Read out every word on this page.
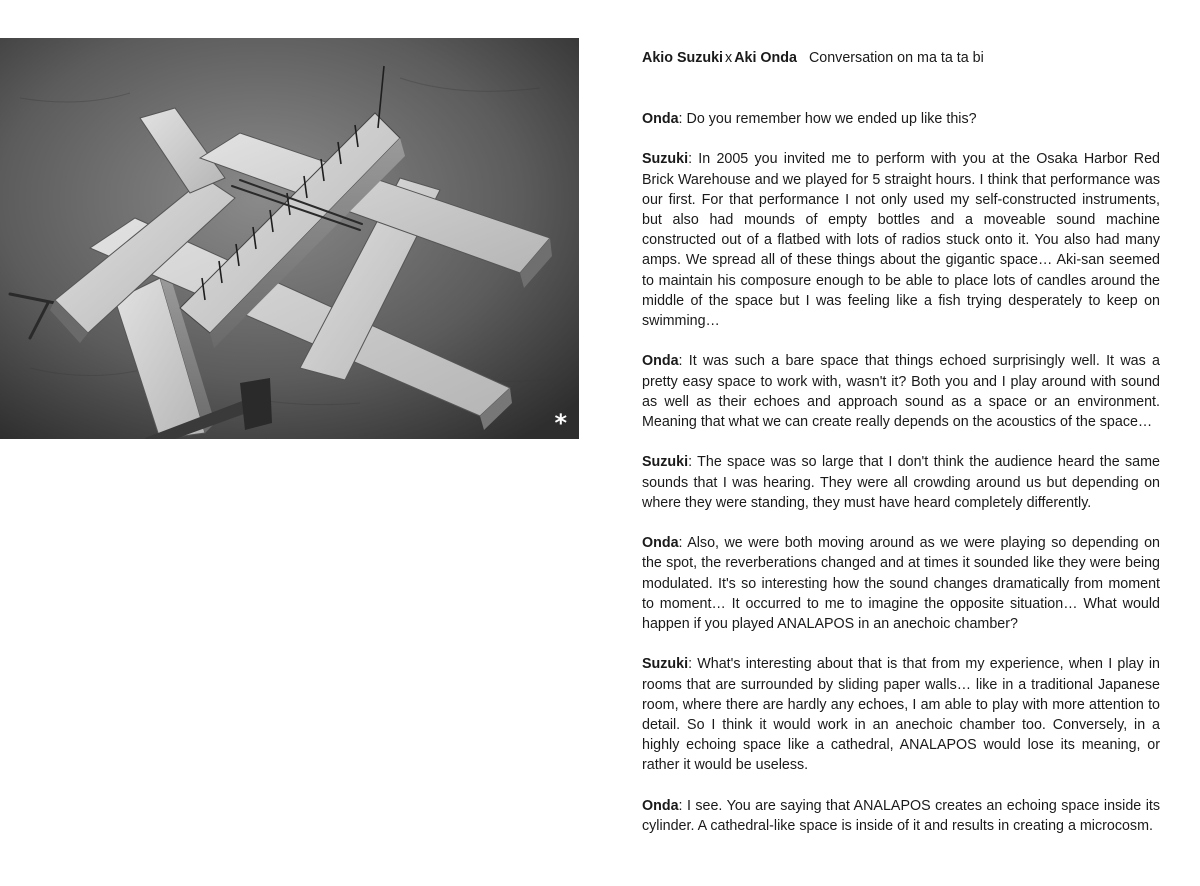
*
Akio Suzuki x Aki Onda Conversation on ma ta ta bi

Onda: Do you remember how we ended up like this?

Suzuki: In 2005 you invited me to perform with you at the Osaka Harbor Red Brick Warehouse and we played for 5 straight hours. I think that performance was our first. For that performance I not only used my self-constructed instruments, but also had mounds of empty bottles and a moveable sound machine constructed out of a flatbed with lots of radios stuck onto it. You also had many amps. We spread all of these things about the gigantic space… Aki-san seemed to maintain his composure enough to be able to place lots of candles around the middle of the space but I was feeling like a fish trying desperately to keep on swimming…

Onda: It was such a bare space that things echoed surprisingly well. It was a pretty easy space to work with, wasn't it? Both you and I play around with sound as well as their echoes and approach sound as a space or an environment. Meaning that what we can create really depends on the acoustics of the space…

Suzuki: The space was so large that I don't think the audience heard the same sounds that I was hearing. They were all crowding around us but depending on where they were standing, they must have heard completely differently.

Onda: Also, we were both moving around as we were playing so depending on the spot, the reverberations changed and at times it sounded like they were being modulated. It's so interesting how the sound changes dramatically from moment to moment… It occurred to me to imagine the opposite situation… What would happen if you played ANALAPOS in an anechoic chamber?

Suzuki: What's interesting about that is that from my experience, when I play in rooms that are surrounded by sliding paper walls… like in a traditional Japanese room, where there are hardly any echoes, I am able to play with more attention to detail. So I think it would work in an anechoic chamber too. Conversely, in a highly echoing space like a cathedral, ANALAPOS would lose its meaning, or rather it would be useless.

Onda: I see. You are saying that ANALAPOS creates an echoing space inside its cylinder. A cathedral-like space is inside of it and results in creating a microcosm.
